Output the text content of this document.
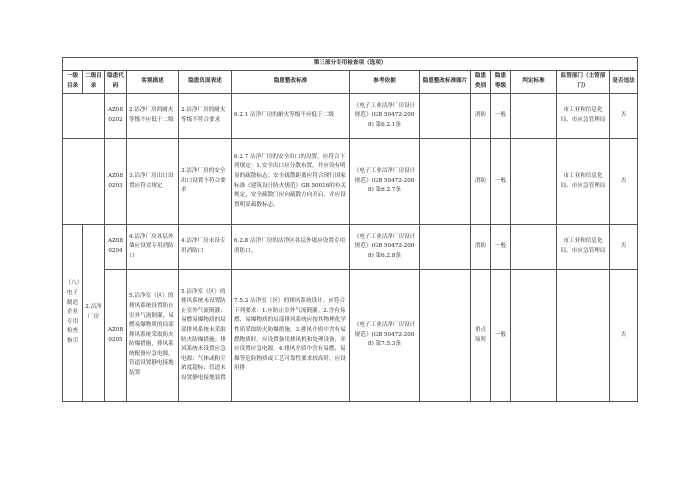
第三部分专用检查项（选项）												
一级目录	二级目录	隐患代码	客观描述	隐患负面表述	隐患整改标准	参考依据	隐患整改标准图片	隐患类别	隐患等级	判定标准	监管部门（主管部门）	是否违法
		AZ080202	2.洁净厂房的耐火等级不应低于二级	2.洁净厂房的耐火等级不符合要求	6.2.1 洁净厂房的耐火等级不应低于二级	《电子工业洁净厂房设计规范》(GB 50472-2008) 第6.2.1条		消防	一般		市工业和信息化局、市应急管理局	否
		AZ080203	3.洁净厂房出口设置应符合规定	3.洁净厂房的安全出口设置不符合要求	6.2.7 洁净厂房的安全出口的设置，应符合下列规定：1.安全出口应分散布置，并应设有明显的疏散标志；安全疏散距离应符合现行国家标准《建筑设计防火规范》GB 50016的有关规定，安全疏散门应向疏散方向开启，并应设置明显疏散标志。	《电子工业洁净厂房设计规范》(GB 50472-2008) 第6.2.7条		消防	一般		市工业和信息化局、市应急管理局	否
（八）电子制造企业专用检查指引	2.洁净厂房	AZ080204	4.洁净厂房各层外墙应设置专用消防口	4.洁净厂房未设专用消防口	6.2.8 洁净厂房的洁净区各层外墙应设置专用消防口。	《电子工业洁净厂房设计规范》(GB 50472-2008) 第6.2.8条		消防	一般		市工业和信息化局、市应急管理局	否
		AZ080205	5.洁净室（区）的排风系统设置防止室外气流倒灌，易燃易爆物质的局部排风系统采取防火防爆措施，排风系统配备应急电源，管道设置静电接地装置	5.洁净室（区）的排风系统未设置防止室外气流倒灌；易燃易爆物质的局部排风系统未采取防火防爆措施；排风系统未设置应急电源；气体或粉尘浓度超标；管道未设置静电接地装置	7.5.3 洁净室（区）的排风系统设计，应符合下列要求：1.应防止室外气流倒灌。2.含有易燃、易爆物质的局部排风系统应按其物理化学性质采取防火防爆措施。3.排风介质中含有易燃物质时，应设置备用排风机和处理设备，并应设置应急电源。4.排风介质中含有易燃、易爆等危险物质或工艺可靠性要求较高时，应设用排	《电子工业洁净厂房设计规范》(GB 50472-2008) 第7.5.3条		重点场所	一般			否
